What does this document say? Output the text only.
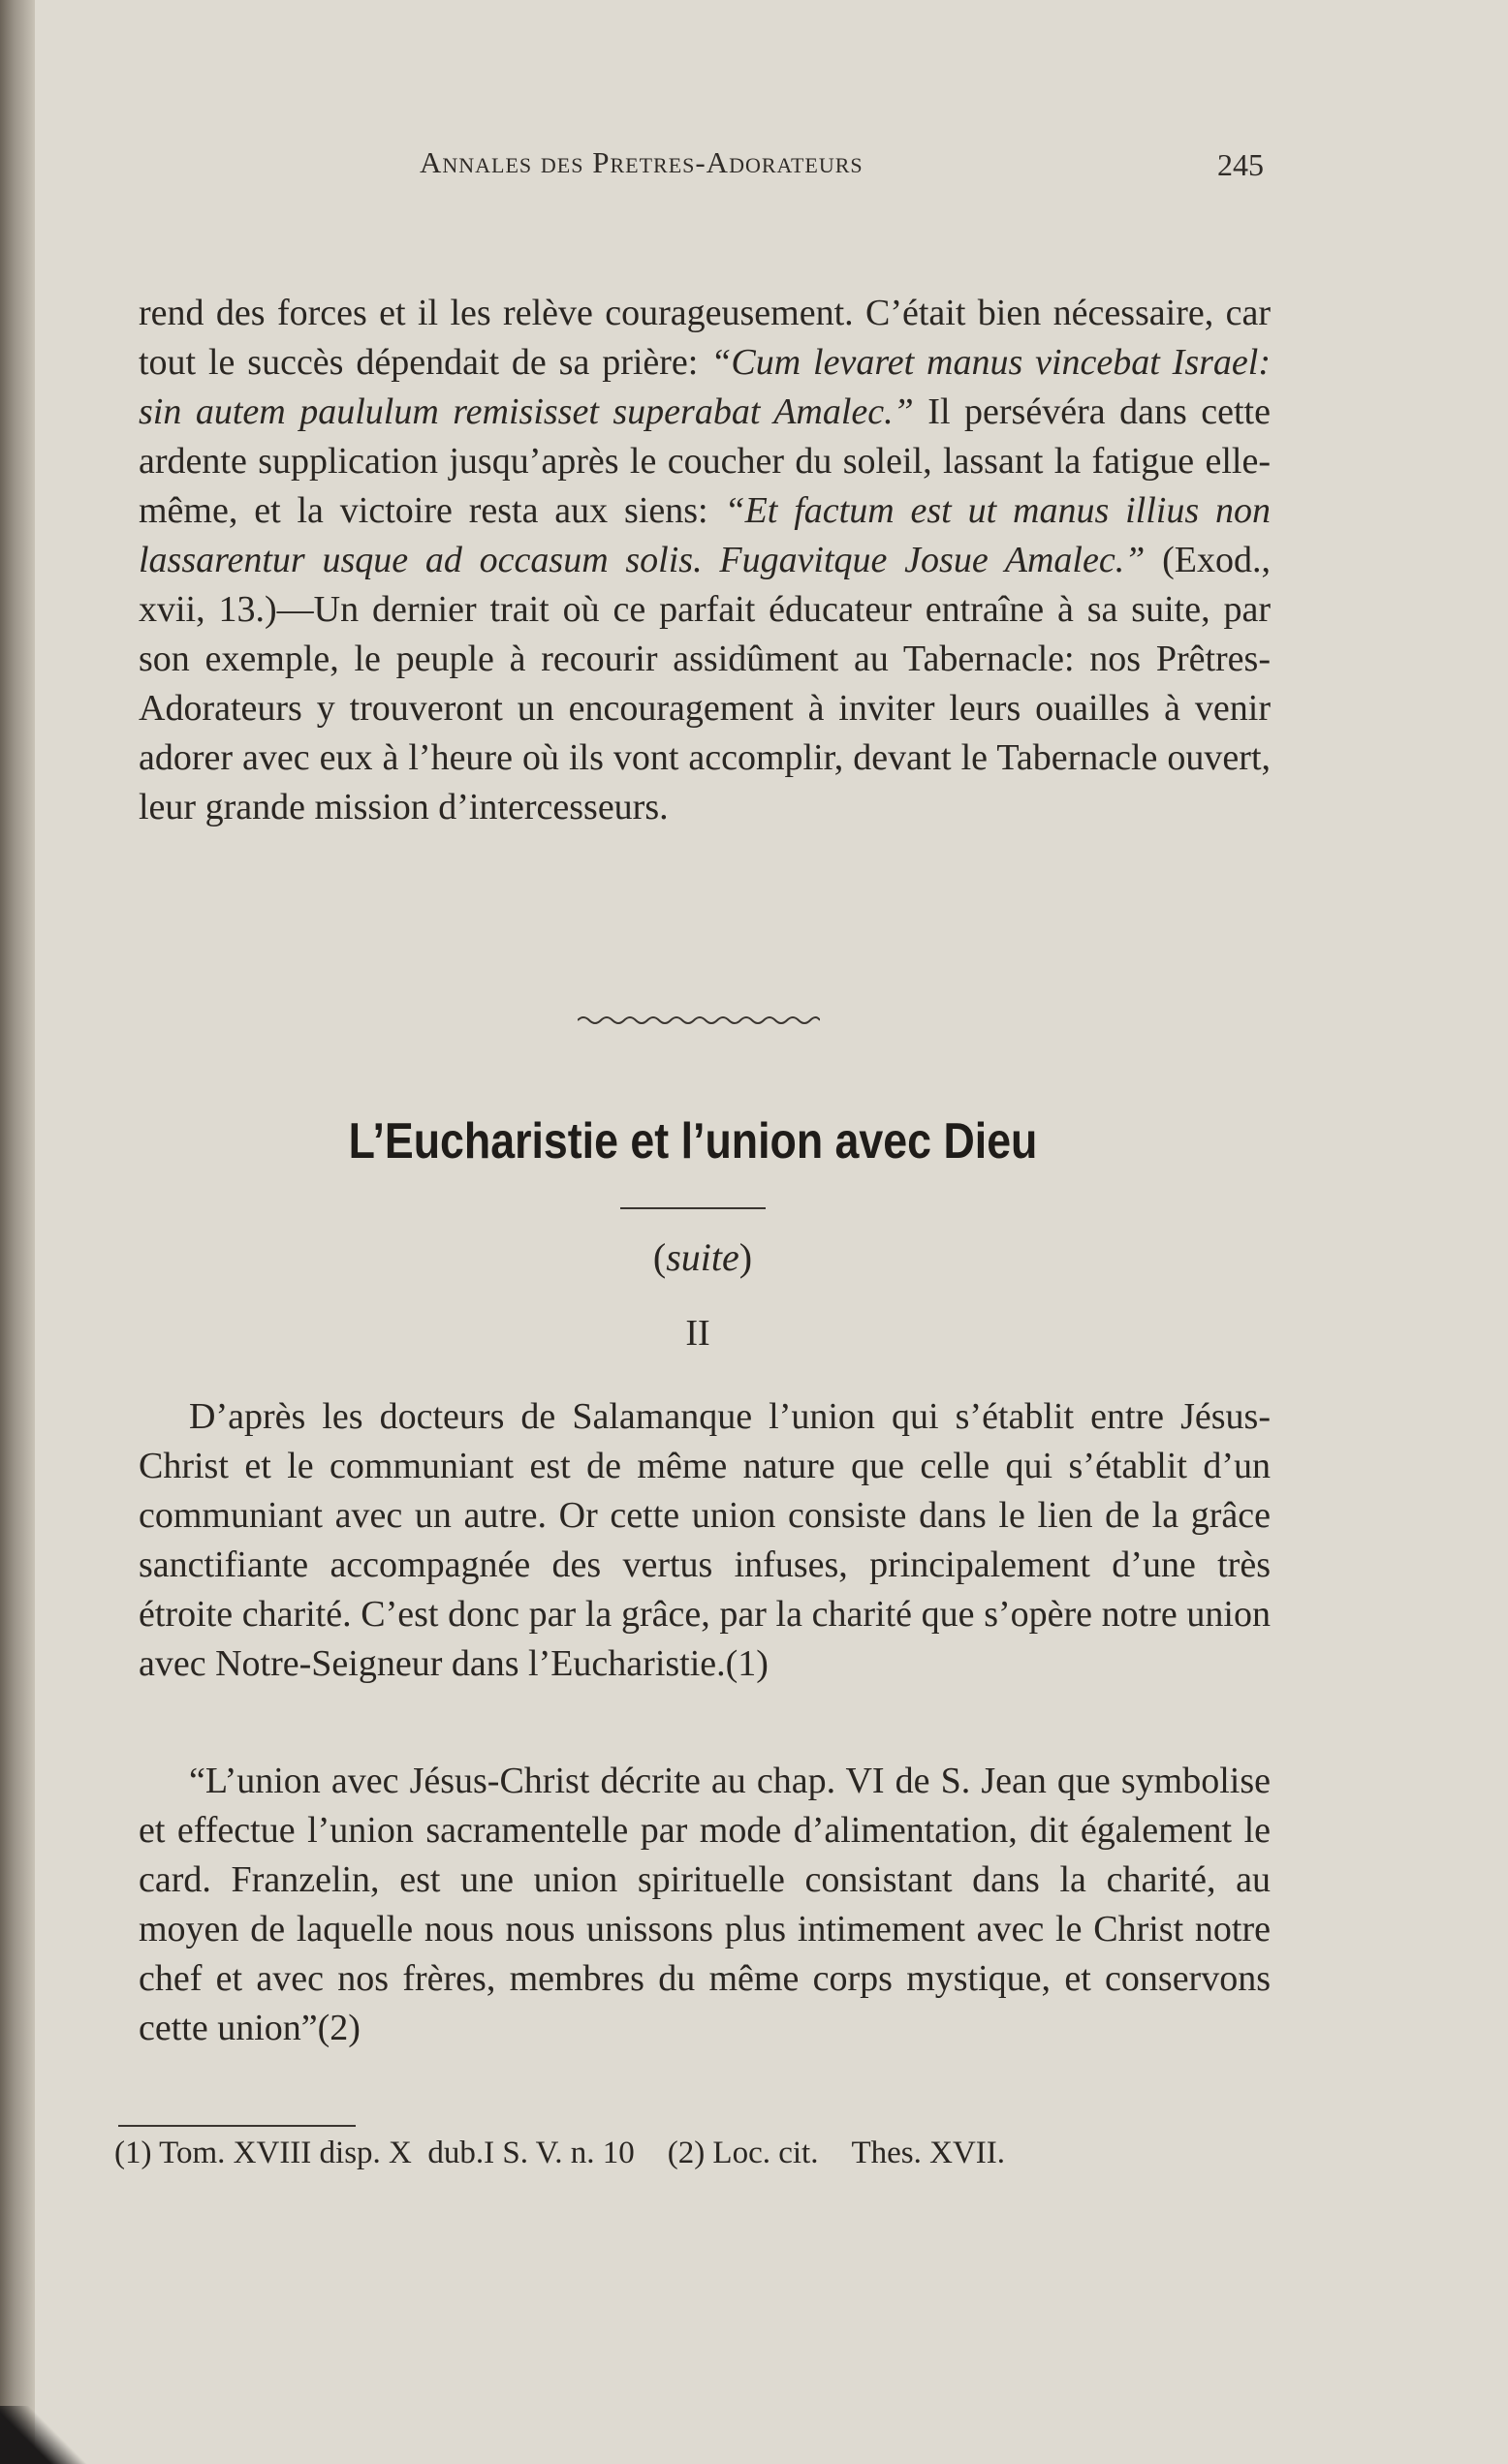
Annales des Pretres-Adorateurs	245
rend des forces et il les relève courageusement. C’était bien nécessaire, car tout le succès dépendait de sa prière: “Cum levaret manus vincebat Israel: sin autem paululum remisisset superabat Amalec.” Il persévéra dans cette ardente supplication jusqu’après le coucher du soleil, lassant la fatigue elle-même, et la victoire resta aux siens: “Et factum est ut manus illius non lassarentur usque ad occasum solis. Fugavitque Josue Amalec.” (Exod., xvii, 13.)—Un dernier trait où ce parfait éducateur entraîne à sa suite, par son exemple, le peuple à recourir assidûment au Tabernacle: nos Prêtres-Adorateurs y trouveront un encouragement à inviter leurs ouailles à venir adorer avec eux à l’heure où ils vont accomplir, devant le Tabernacle ouvert, leur grande mission d’intercesseurs.
L’Eucharistie et l’union avec Dieu
(suite)
II
D’après les docteurs de Salamanque l’union qui s’établit entre Jésus-Christ et le communiant est de même nature que celle qui s’établit d’un communiant avec un autre. Or cette union consiste dans le lien de la grâce sanctifiante accompagnée des vertus infuses, principalement d’une très étroite charité. C’est donc par la grâce, par la charité que s’opère notre union avec Notre-Seigneur dans l’Eucharistie.(1)
“L’union avec Jésus-Christ décrite au chap. VI de S. Jean que symbolise et effectue l’union sacramentelle par mode d’alimentation, dit également le card. Franzelin, est une union spirituelle consistant dans la charité, au moyen de laquelle nous nous unissons plus intimement avec le Christ notre chef et avec nos frères, membres du même corps mystique, et conservons cette union”(2)
(1) Tom. XVIII disp. X  dub.I S. V. n. 10 (2) Loc. cit. Thes. XVII.
